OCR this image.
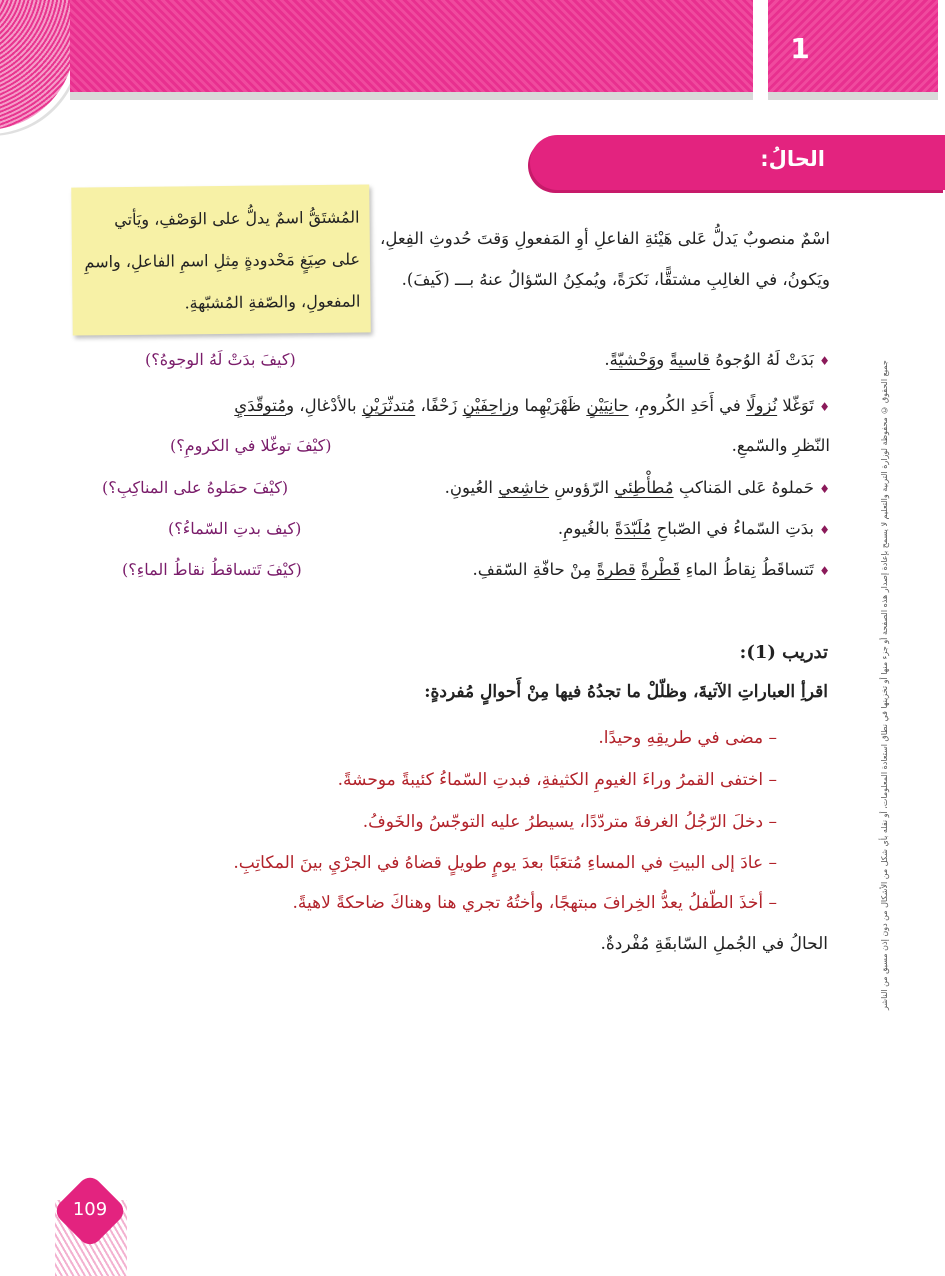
1
الحالُ:
المُشتَقُّ اسمٌ يدلُّ على الوَصْفِ، ويَأتي على صِيَغٍ مَحْدودةٍ مِثلِ اسمِ الفاعلِ، واسمِ المفعولِ، والصّفةِ المُشبّهةِ.
اسْمٌ منصوبٌ يَدلُّ عَلى هَيْئةِ الفاعلِ أوِ المَفعولِ وَقتَ حُدوثِ الفِعلِ، ويَكونُ، في الغالِبِ مشتقًّا، نَكرَةً، ويُمكِنُ السّؤالُ عنهُ بـــ (كَيفَ).
جميع الحقوق © محفوظة لوزارة التربية والتعليم لا يسمح بإعادة إصدار هذه الصفحة أو جزء منها أو تخزينها في نطاق استعادة المعلومات، أو نقله بأي شكل من الأشكال من دون إذن مسبق من الناشر
♦ بَدَتْ لَهُ الوُجوهُ قاسيةً ووَحْشيّةً.
(كيفَ بدَتْ لَهُ الوجوهُ؟)
♦ تَوَغّلا نُزولًا في أَحَدِ الكُرومِ، حانِيَيْنِ ظَهْرَيْهِما وزاحِفَيْنِ زَحْفًا، مُتدثّرَيْنِ بالأدْغالِ، ومُتوقّدَيِ
النّظرِ والسّمعِ.
(كيْفَ توغّلا في الكرومِ؟)
♦ حَملوهُ عَلى المَناكبِ مُطأْطِئي الرّؤوسِ خاشِعي العُيونِ.
(كيْفَ حمَلوهُ على المناكِبِ؟)
♦ بدَتِ السّماءُ في الصّباحِ مُلَبّدَةً بالغُيومِ.
(كيف بدتِ السّماءُ؟)
♦ تَتساقَطُ نِقاطُ الماءِ قَطْرةً قطرةً مِنْ حافّةِ السّقفِ.
(كيْفَ تَتساقطُ نقاطُ الماءِ؟)
تدريب (1):
اقرأِ العباراتِ الآتيةَ، وظلّلْ ما تجدُهُ فيها مِنْ أَحوالٍ مُفردةٍ:
– مضى في طريقِهِ وحيدًا.
– اختفى القمرُ وراءَ الغيومِ الكثيفةِ، فبدتِ السّماءُ كئيبةً موحشةً.
– دخلَ الرّجُلُ الغرفةَ متردّدًا، يسيطرُ عليه التوجّسُ والخَوفُ.
– عادَ إلى البيتِ في المساءِ مُتعَبًا بعدَ يومٍ طويلٍ قضاهُ في الجرْيِ بينَ المكاتِبِ.
– أخذَ الطّفلُ يعدُّ الخِرافَ مبتهجًا، وأختُهُ تجري هنا وهناكَ ضاحكةً لاهيةً.
الحالُ في الجُملِ السّابقَةِ مُفْردةٌ.
109
